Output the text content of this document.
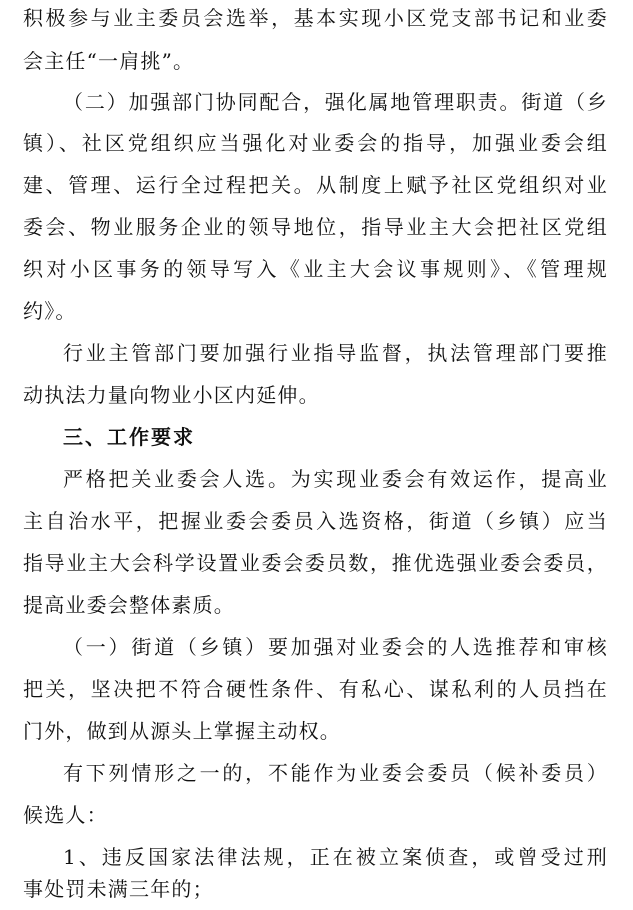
积极参与业主委员会选举，基本实现小区党支部书记和业委
会主任“一肩挑”。
（二）加强部门协同配合，强化属地管理职责。街道（乡
镇）、社区党组织应当强化对业委会的指导，加强业委会组
建、管理、运行全过程把关。从制度上赋予社区党组织对业
委会、物业服务企业的领导地位，指导业主大会把社区党组
织对小区事务的领导写入《业主大会议事规则》、《管理规
约》。
行业主管部门要加强行业指导监督，执法管理部门要推
动执法力量向物业小区内延伸。
三、工作要求
严格把关业委会人选。为实现业委会有效运作，提高业
主自治水平，把握业委会委员入选资格，街道（乡镇）应当
指导业主大会科学设置业委会委员数，推优选强业委会委员，
提高业委会整体素质。
（一）街道（乡镇）要加强对业委会的人选推荐和审核
把关，坚决把不符合硬性条件、有私心、谋私利的人员挡在
门外，做到从源头上掌握主动权。
有下列情形之一的，不能作为业委会委员（候补委员）
候选人：
1、违反国家法律法规，正在被立案侦查，或曾受过刑
事处罚未满三年的；
